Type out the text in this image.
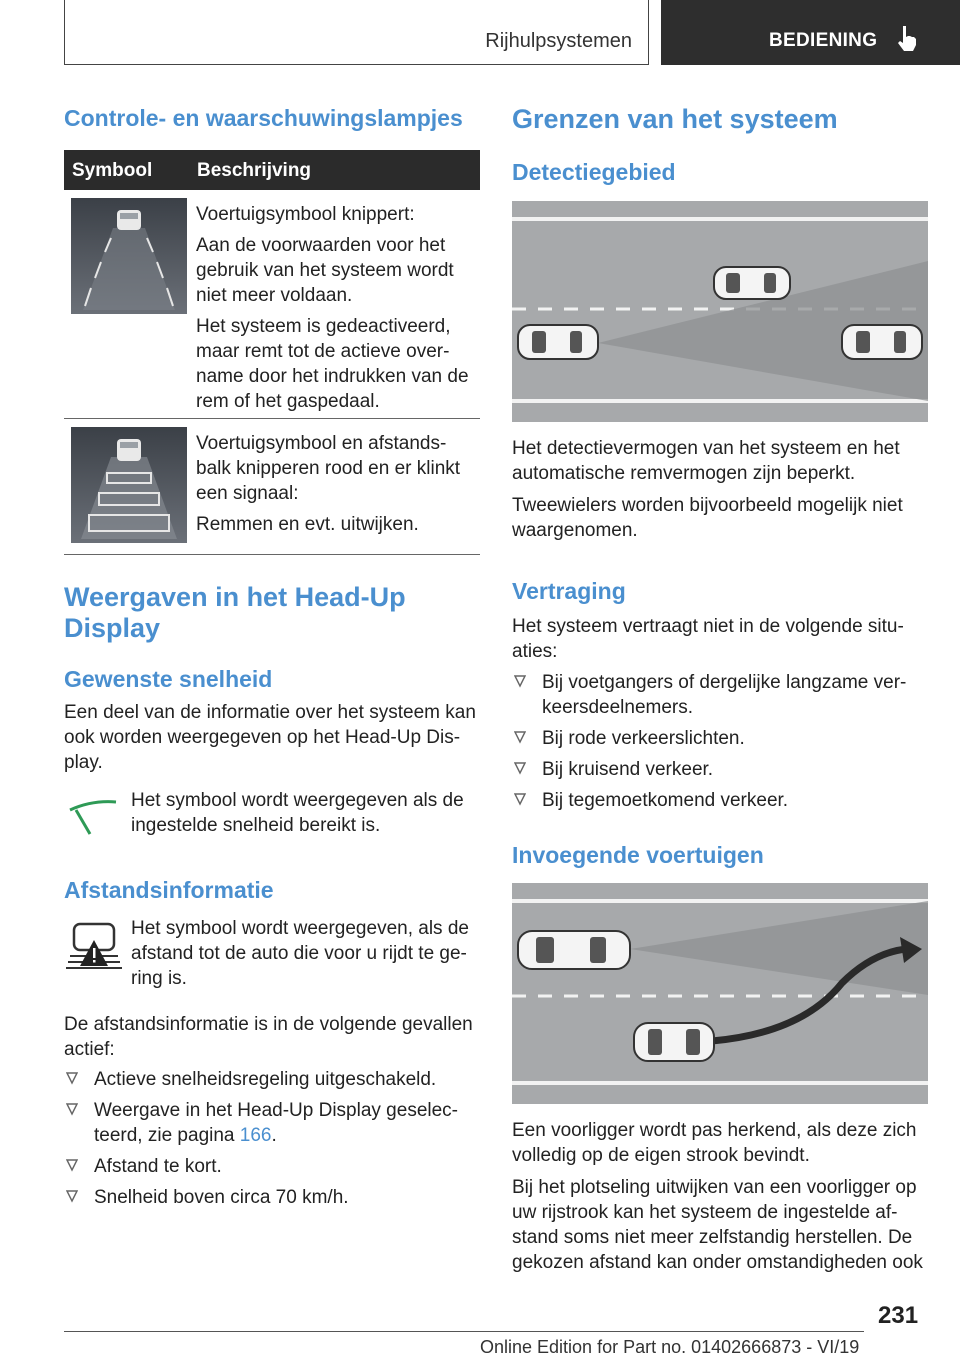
Rijhulpsystemen	BEDIENING
Controle- en waarschuwingslampjes
Symbool Beschrijving
Voertuigsymbool knippert:
Aan de voorwaarden voor het gebruik van het systeem wordt niet meer voldaan.
Het systeem is gedeactiveerd, maar remt tot de actieve over-name door het indrukken van de rem of het gaspedaal.
Voertuigsymbool en afstands-balk knipperen rood en er klinkt een signaal:
Remmen en evt. uitwijken.
Weergaven in het Head-Up Display
Gewenste snelheid
Een deel van de informatie over het systeem kan ook worden weergegeven op het Head-Up Dis-play.
Het symbool wordt weergegeven als de ingestelde snelheid bereikt is.
Afstandsinformatie
Het symbool wordt weergegeven, als de afstand tot de auto die voor u rijdt te ge-ring is.
De afstandsinformatie is in de volgende gevallen actief:
Actieve snelheidsregeling uitgeschakeld.
Weergave in het Head-Up Display geselec-teerd, zie pagina 166.
Afstand te kort.
Snelheid boven circa 70 km/h.
Grenzen van het systeem
Detectiegebied
Het detectievermogen van het systeem en het automatische remvermogen zijn beperkt.
Tweewielers worden bijvoorbeeld mogelijk niet waargenomen.
Vertraging
Het systeem vertraagt niet in de volgende situ-aties:
Bij voetgangers of dergelijke langzame ver-keersdeelnemers.
Bij rode verkeerslichten.
Bij kruisend verkeer.
Bij tegemoetkomend verkeer.
Invoegende voertuigen
Een voorligger wordt pas herkend, als deze zich volledig op de eigen strook bevindt.
Bij het plotseling uitwijken van een voorligger op uw rijstrook kan het systeem de ingestelde af-stand soms niet meer zelfstandig herstellen. De gekozen afstand kan onder omstandigheden ook
231
Online Edition for Part no. 01402666873 - VI/19
